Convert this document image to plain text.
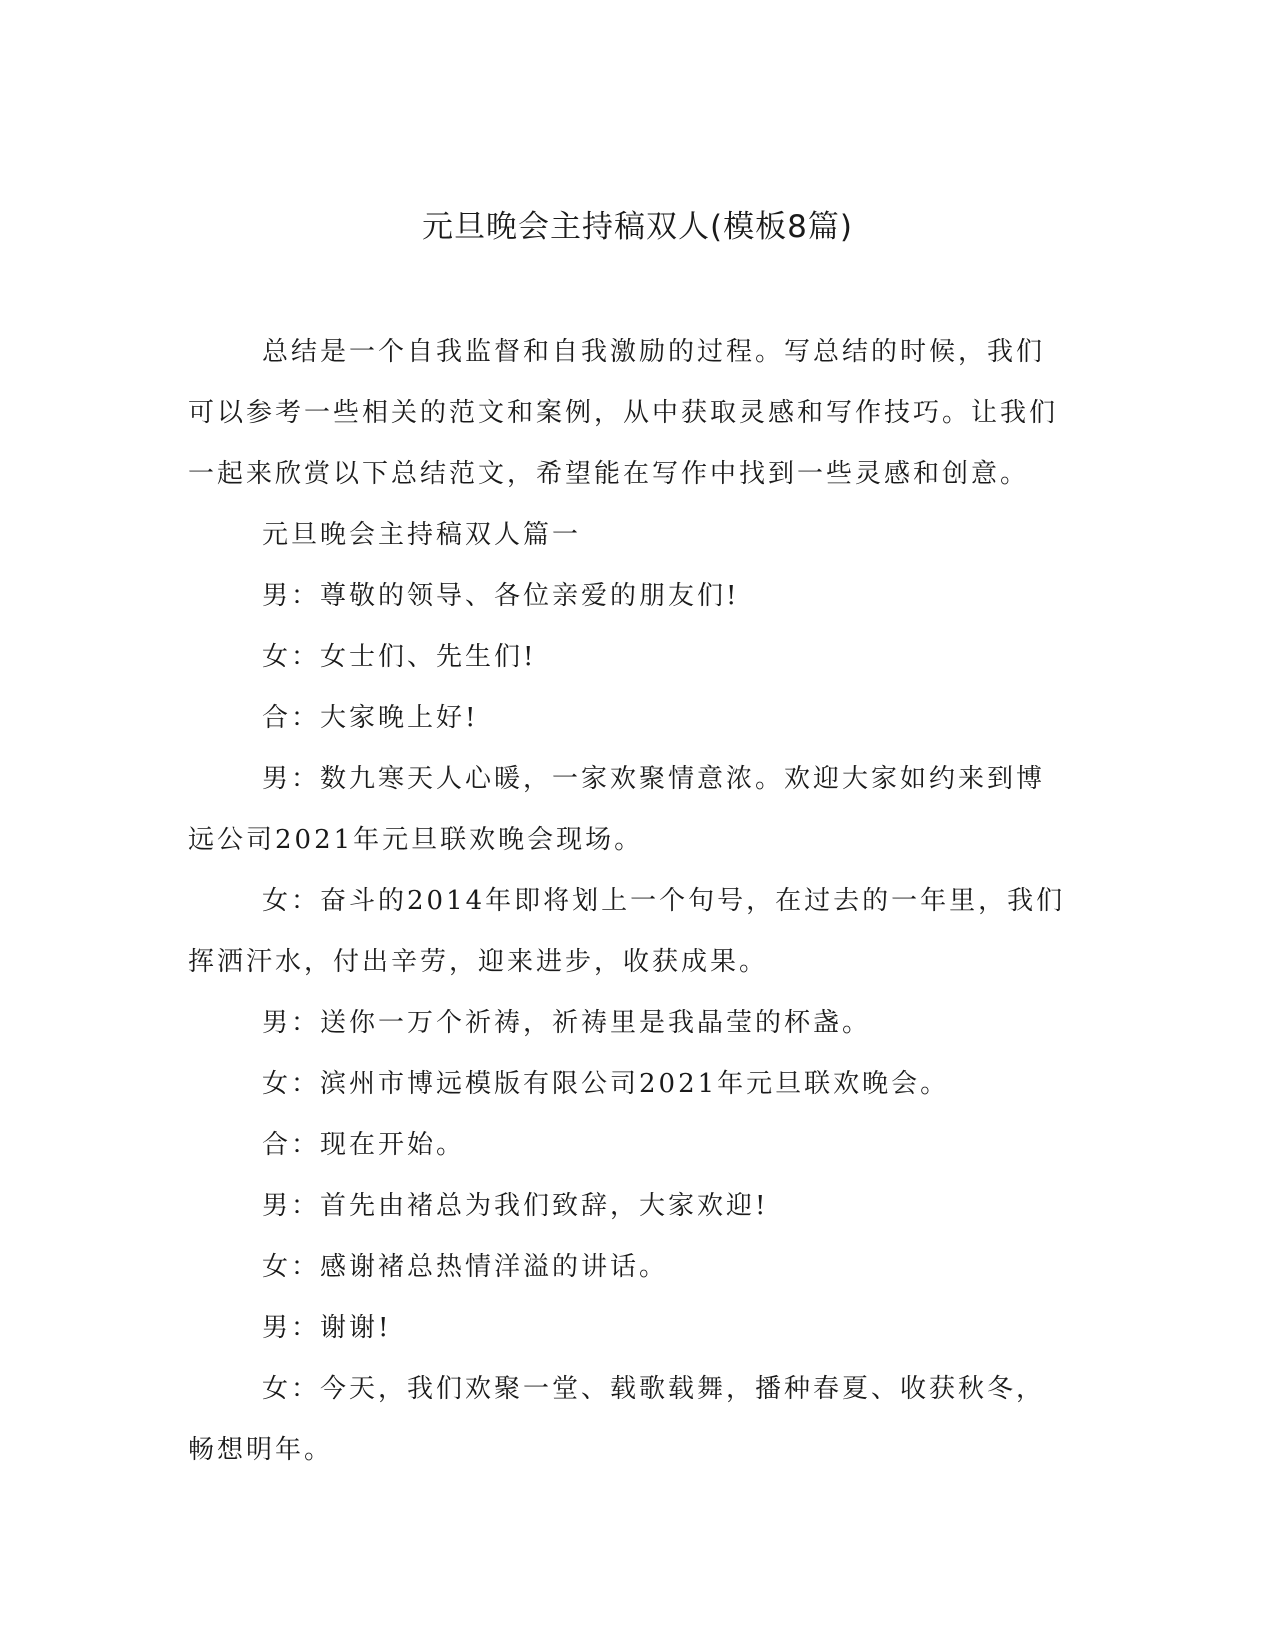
元旦晚会主持稿双人(模板8篇)

总结是一个自我监督和自我激励的过程。写总结的时候，我们可以参考一些相关的范文和案例，从中获取灵感和写作技巧。让我们一起来欣赏以下总结范文，希望能在写作中找到一些灵感和创意。

元旦晚会主持稿双人篇一

男：尊敬的领导、各位亲爱的朋友们!

女：女士们、先生们!

合：大家晚上好!

男：数九寒天人心暖，一家欢聚情意浓。欢迎大家如约来到博远公司2021年元旦联欢晚会现场。

女：奋斗的2014年即将划上一个句号，在过去的一年里，我们挥洒汗水，付出辛劳，迎来进步，收获成果。

男：送你一万个祈祷，祈祷里是我晶莹的杯盏。

女：滨州市博远模版有限公司2021年元旦联欢晚会。

合：现在开始。

男：首先由褚总为我们致辞，大家欢迎!

女：感谢褚总热情洋溢的讲话。

男：谢谢!

女：今天，我们欢聚一堂、载歌载舞，播种春夏、收获秋冬，畅想明年。
